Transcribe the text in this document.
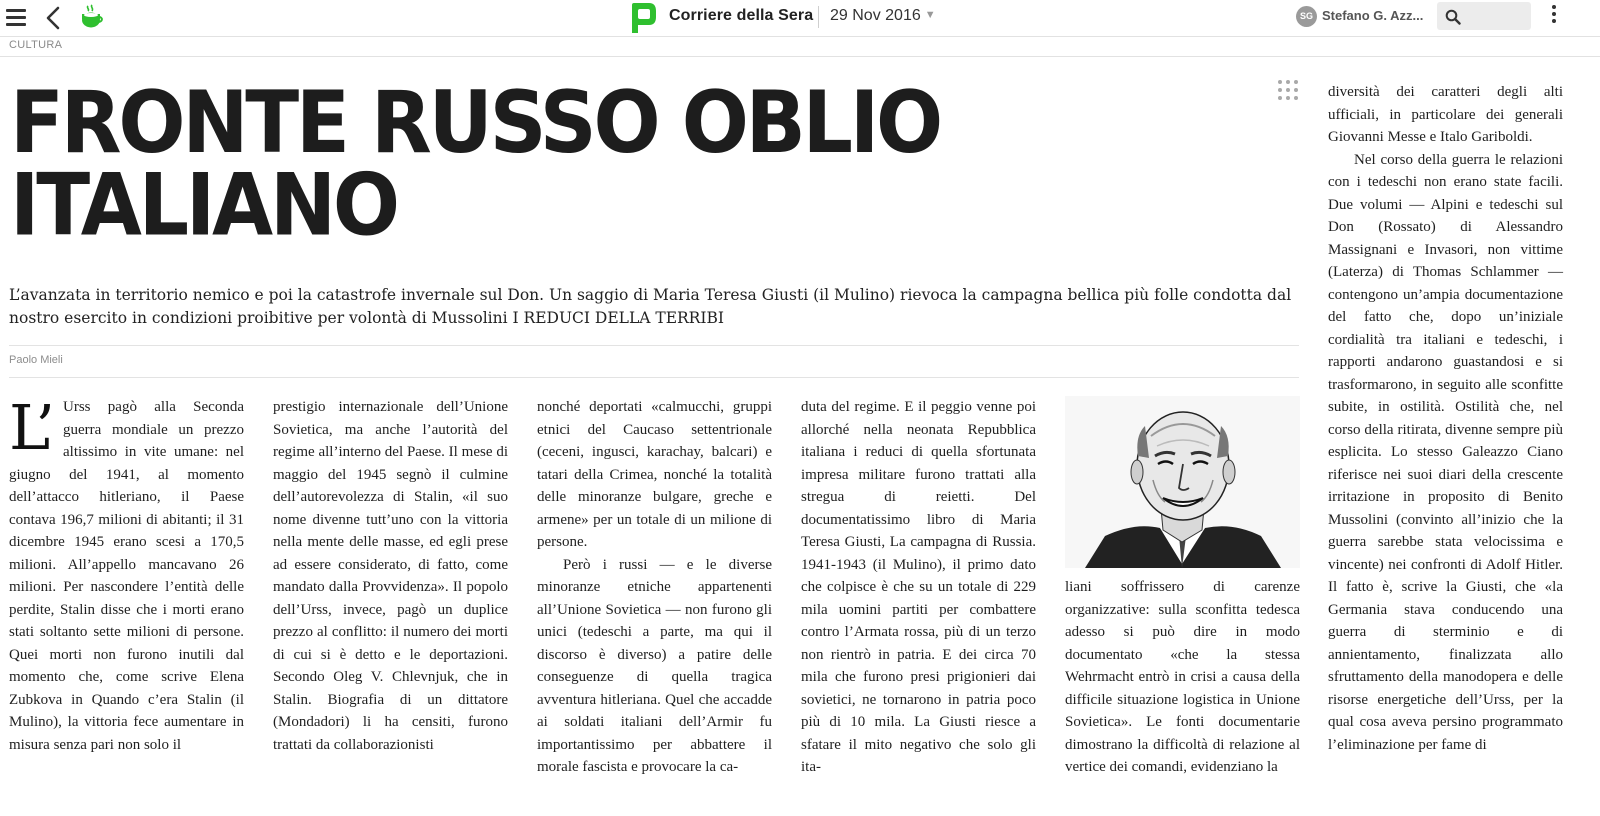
Corriere della Sera 29 Nov 2016 ▼	SG Stefano G. Azz...
CULTURA
FRONTE RUSSO OBLIO
ITALIANO
L’avanzata in territorio nemico e poi la catastrofe invernale sul Don. Un saggio di Maria Teresa Giusti (il Mulino) rievoca la campagna bellica più folle condotta dal nostro esercito in condizioni proibitive per volontà di Mussolini I REDUCI DELLA TERRIBI
Paolo Mieli
L’ Urss pagò alla Seconda guerra mondiale un prezzo altissimo in vite umane: nel giugno del 1941, al momento dell’attacco hitleriano, il Paese contava 196,7 milioni di abitanti; il 31 dicembre 1945 erano scesi a 170,5 milioni. All’appello mancavano 26 milioni. Per nascondere l’entità delle perdite, Stalin disse che i morti erano stati soltanto sette milioni di persone. Quei morti non furono inutili dal momento che, come scrive Elena Zubkova in Quando c’era Stalin (il Mulino), la vittoria fece aumentare in misura senza pari non solo il

prestigio internazionale dell’Unione Sovietica, ma anche l’autorità del regime all’interno del Paese. Il mese di maggio del 1945 segnò il culmine dell’autorevolezza di Stalin, «il suo nome divenne tutt’uno con la vittoria nella mente delle masse, ed egli prese ad essere considerato, di fatto, come mandato dalla Provvidenza». Il popolo dell’Urss, invece, pagò un duplice prezzo al conflitto: il numero dei morti di cui si è detto e le deportazioni. Secondo Oleg V. Chlevnjuk, che in Stalin. Biografia di un dittatore (Mondadori) li ha censiti, furono trattati da collaborazionisti

nonché deportati «calmucchi, gruppi etnici del Caucaso settentrionale (ceceni, ingusci, karachay, balcari) e tatari della Crimea, nonché la totalità delle minoranze bulgare, greche e armene» per un totale di un milione di persone.

Però i russi — e le diverse minoranze etniche appartenenti all’Unione Sovietica — non furono gli unici (tedeschi a parte, ma qui il discorso è diverso) a patire delle conseguenze di quella tragica avventura hitleriana. Quel che accadde ai soldati italiani dell’Armir fu importantissimo per abbattere il morale fascista e provocare la ca-

duta del regime. E il peggio venne poi allorché nella neonata Repubblica italiana i reduci di quella sfortunata impresa militare furono trattati alla stregua di reietti. Del documentatissimo libro di Maria Teresa Giusti, La campagna di Russia. 1941-1943 (il Mulino), il primo dato che colpisce è che su un totale di 229 mila uomini partiti per combattere contro l’Armata rossa, più di un terzo non rientrò in patria. E dei circa 70 mila che furono presi prigionieri dai sovietici, ne tornarono in patria poco più di 10 mila. La Giusti riesce a sfatare il mito negativo che solo gli ita-

liani soffrissero di carenze organizzative: sulla sconfitta tedesca adesso si può dire in modo documentato «che la stessa Wehrmacht entrò in crisi a causa della difficile situazione logistica in Unione Sovietica». Le fonti documentarie dimostrano la difficoltà di relazione al vertice dei comandi, evidenziano la

diversità dei caratteri degli alti ufficiali, in particolare dei generali Giovanni Messe e Italo Gariboldi.

Nel corso della guerra le relazioni con i tedeschi non erano state facili. Due volumi — Alpini e tedeschi sul Don (Rossato) di Alessandro Massignani e Invasori, non vittime (Laterza) di Thomas Schlammer — contengono un’ampia documentazione del fatto che, dopo un’iniziale cordialità tra italiani e tedeschi, i rapporti andarono guastandosi e si trasformarono, in seguito alle sconfitte subite, in ostilità. Ostilità che, nel corso della ritirata, divenne sempre più esplicita. Lo stesso Galeazzo Ciano riferisce nei suoi diari della crescente irritazione in proposito di Benito Mussolini (convinto all’inizio che la guerra sarebbe stata velocissima e vincente) nei confronti di Adolf Hitler. Il fatto è, scrive la Giusti, che «la Germania stava conducendo una guerra di sterminio e di annientamento, finalizzata allo sfruttamento della manodopera e delle risorse energetiche dell’Urss, per la qual cosa aveva persino programmato l’eliminazione per fame di
